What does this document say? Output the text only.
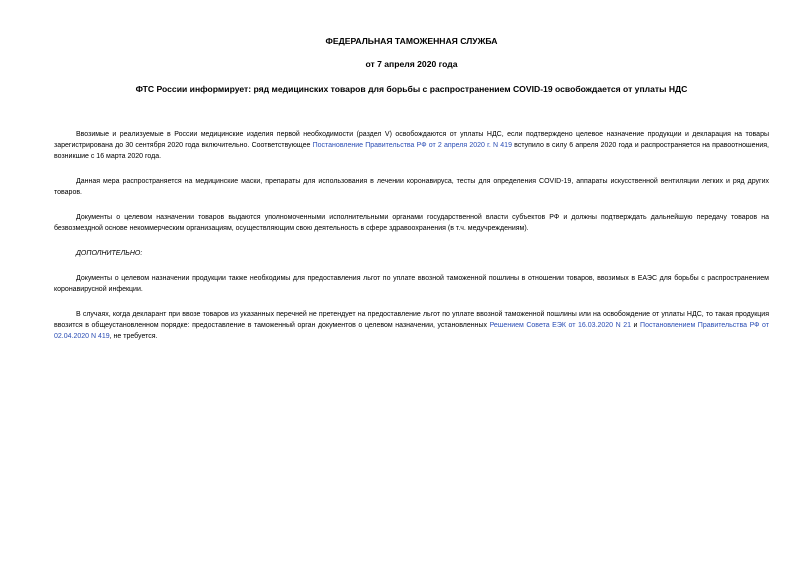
ФЕДЕРАЛЬНАЯ ТАМОЖЕННАЯ СЛУЖБА
от 7 апреля 2020 года
ФТС России информирует: ряд медицинских товаров для борьбы с распространением COVID-19 освобождается от уплаты НДС

Ввозимые и реализуемые в России медицинские изделия первой необходимости (раздел V) освобождаются от уплаты НДС, если подтверждено целевое назначение продукции и декларация на товары зарегистрирована до 30 сентября 2020 года включительно. Соответствующее Постановление Правительства РФ от 2 апреля 2020 г. N 419 вступило в силу 6 апреля 2020 года и распространяется на правоотношения, возникшие с 16 марта 2020 года.

Данная мера распространяется на медицинские маски, препараты для использования в лечении коронавируса, тесты для определения COVID-19, аппараты искусственной вентиляции легких и ряд других товаров.

Документы о целевом назначении товаров выдаются уполномоченными исполнительными органами государственной власти субъектов РФ и должны подтверждать дальнейшую передачу товаров на безвозмездной основе некоммерческим организациям, осуществляющим свою деятельность в сфере здравоохранения (в т.ч. медучреждениям).

ДОПОЛНИТЕЛЬНО:

Документы о целевом назначении продукции также необходимы для предоставления льгот по уплате ввозной таможенной пошлины в отношении товаров, ввозимых в ЕАЭС для борьбы с распространением коронавирусной инфекции.

В случаях, когда декларант при ввозе товаров из указанных перечней не претендует на предоставление льгот по уплате ввозной таможенной пошлины или на освобождение от уплаты НДС, то такая продукция ввозится в общеустановленном порядке: предоставление в таможенный орган документов о целевом назначении, установленных Решением Совета ЕЭК от 16.03.2020 N 21 и Постановлением Правительства РФ от 02.04.2020 N 419, не требуется.
